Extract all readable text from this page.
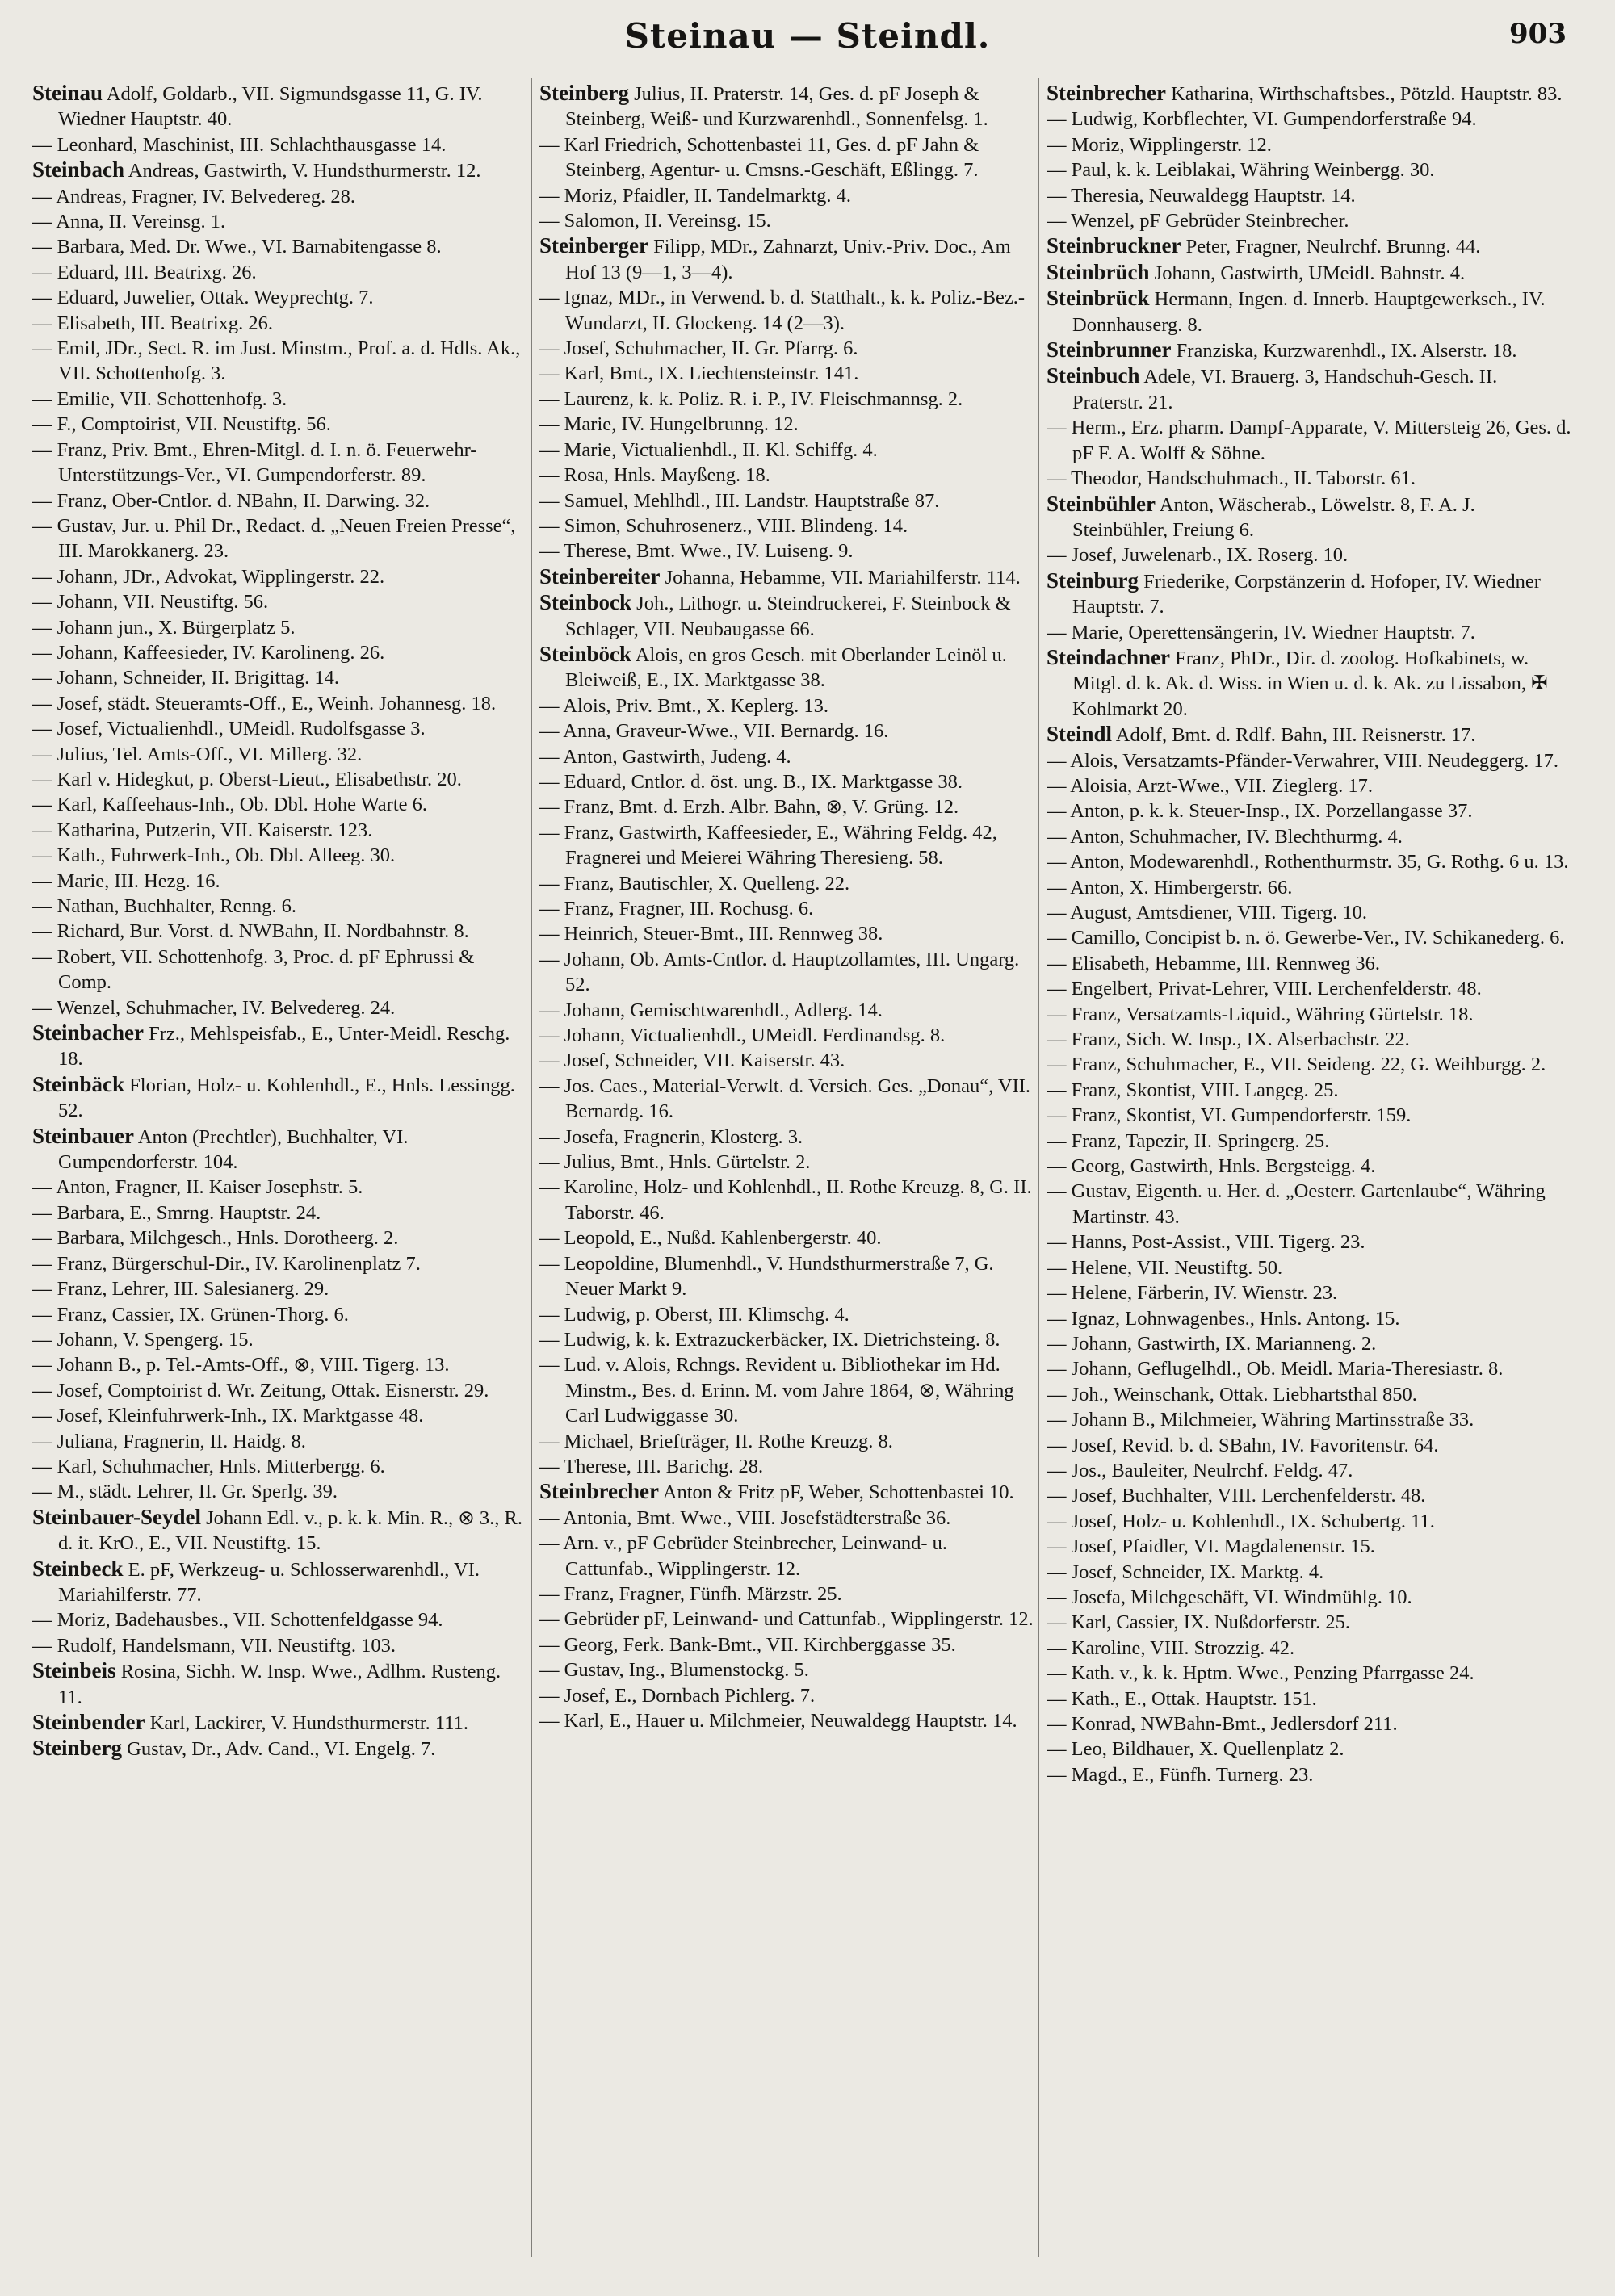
Steinau — Steindl.	903

Steinau Adolf, Goldarb., VII. Sigmundsgasse 11, G. IV. Wiedner Hauptstr. 40.

— Leonhard, Maschinist, III. Schlachthausgasse 14.

Steinbach Andreas, Gastwirth, V. Hundsthurmerstr. 12.

— Andreas, Fragner, IV. Belvedereg. 28.

— Anna, II. Vereinsg. 1.

— Barbara, Med. Dr. Wwe., VI. Barnabitengasse 8.

— Eduard, III. Beatrixg. 26.

— Eduard, Juwelier, Ottak. Weyprechtg. 7.

— Elisabeth, III. Beatrixg. 26.

— Emil, JDr., Sect. R. im Just. Minstm., Prof. a. d. Hdls. Ak., VII. Schottenhofg. 3.

— Emilie, VII. Schottenhofg. 3.

— F., Comptoirist, VII. Neustiftg. 56.

— Franz, Priv. Bmt., Ehren-Mitgl. d. I. n. ö. Feuerwehr-Unterstützungs-Ver., VI. Gumpendorferstr. 89.

— Franz, Ober-Cntlor. d. NBahn, II. Darwing. 32.

— Gustav, Jur. u. Phil Dr., Redact. d. „Neuen Freien Presse“, III. Marokkanerg. 23.

— Johann, JDr., Advokat, Wipplingerstr. 22.

— Johann, VII. Neustiftg. 56.

— Johann jun., X. Bürgerplatz 5.

— Johann, Kaffeesieder, IV. Karolineng. 26.

— Johann, Schneider, II. Brigittag. 14.

— Josef, städt. Steueramts-Off., E., Weinh. Johannesg. 18.

— Josef, Victualienhdl., UMeidl. Rudolfsgasse 3.

— Julius, Tel. Amts-Off., VI. Millerg. 32.

— Karl v. Hidegkut, p. Oberst-Lieut., Elisabethstr. 20.

— Karl, Kaffeehaus-Inh., Ob. Dbl. Hohe Warte 6.

— Katharina, Putzerin, VII. Kaiserstr. 123.

— Kath., Fuhrwerk-Inh., Ob. Dbl. Alleeg. 30.

— Marie, III. Hezg. 16.

— Nathan, Buchhalter, Renng. 6.

— Richard, Bur. Vorst. d. NWBahn, II. Nordbahnstr. 8.

— Robert, VII. Schottenhofg. 3, Proc. d. pF Ephrussi & Comp.

— Wenzel, Schuhmacher, IV. Belvedereg. 24.

Steinbacher Frz., Mehlspeisfab., E., Unter-Meidl. Reschg. 18.

Steinbäck Florian, Holz- u. Kohlenhdl., E., Hnls. Lessingg. 52.

Steinbauer Anton (Prechtler), Buchhalter, VI. Gumpendorferstr. 104.

— Anton, Fragner, II. Kaiser Josephstr. 5.

— Barbara, E., Smrng. Hauptstr. 24.

— Barbara, Milchgesch., Hnls. Dorotheerg. 2.

— Franz, Bürgerschul-Dir., IV. Karolinenplatz 7.

— Franz, Lehrer, III. Salesianerg. 29.

— Franz, Cassier, IX. Grünen-Thorg. 6.

— Johann, V. Spengerg. 15.

— Johann B., p. Tel.-Amts-Off., ⊗, VIII. Tigerg. 13.

— Josef, Comptoirist d. Wr. Zeitung, Ottak. Eisnerstr. 29.

— Josef, Kleinfuhrwerk-Inh., IX. Marktgasse 48.

— Juliana, Fragnerin, II. Haidg. 8.

— Karl, Schuhmacher, Hnls. Mitterbergg. 6.

— M., städt. Lehrer, II. Gr. Sperlg. 39.

Steinbauer-Seydel Johann Edl. v., p. k. k. Min. R., ⊗ 3., R. d. it. KrO., E., VII. Neustiftg. 15.

Steinbeck E. pF, Werkzeug- u. Schlosserwarenhdl., VI. Mariahilferstr. 77.

— Moriz, Badehausbes., VII. Schottenfeldgasse 94.

— Rudolf, Handelsmann, VII. Neustiftg. 103.

Steinbeis Rosina, Sichh. W. Insp. Wwe., Adlhm. Rusteng. 11.

Steinbender Karl, Lackirer, V. Hundsthurmerstr. 111.

Steinberg Gustav, Dr., Adv. Cand., VI. Engelg. 7.

Steinberg Julius, II. Praterstr. 14, Ges. d. pF Joseph & Steinberg, Weiß- und Kurzwarenhdl., Sonnenfelsg. 1.

— Karl Friedrich, Schottenbastei 11, Ges. d. pF Jahn & Steinberg, Agentur- u. Cmsns.-Geschäft, Eßlingg. 7.

— Moriz, Pfaidler, II. Tandelmarktg. 4.

— Salomon, II. Vereinsg. 15.

Steinberger Filipp, MDr., Zahnarzt, Univ.-Priv. Doc., Am Hof 13 (9—1, 3—4).

— Ignaz, MDr., in Verwend. b. d. Statthalt., k. k. Poliz.-Bez.-Wundarzt, II. Glockeng. 14 (2—3).

— Josef, Schuhmacher, II. Gr. Pfarrg. 6.

— Karl, Bmt., IX. Liechtensteinstr. 141.

— Laurenz, k. k. Poliz. R. i. P., IV. Fleischmannsg. 2.

— Marie, IV. Hungelbrunng. 12.

— Marie, Victualienhdl., II. Kl. Schiffg. 4.

— Rosa, Hnls. Mayßeng. 18.

— Samuel, Mehlhdl., III. Landstr. Hauptstraße 87.

— Simon, Schuhrosenerz., VIII. Blindeng. 14.

— Therese, Bmt. Wwe., IV. Luiseng. 9.

Steinbereiter Johanna, Hebamme, VII. Mariahilferstr. 114.

Steinbock Joh., Lithogr. u. Steindruckerei, F. Steinbock & Schlager, VII. Neubaugasse 66.

Steinböck Alois, en gros Gesch. mit Oberlander Leinöl u. Bleiweiß, E., IX. Marktgasse 38.

— Alois, Priv. Bmt., X. Keplerg. 13.

— Anna, Graveur-Wwe., VII. Bernardg. 16.

— Anton, Gastwirth, Judeng. 4.

— Eduard, Cntlor. d. öst. ung. B., IX. Marktgasse 38.

— Franz, Bmt. d. Erzh. Albr. Bahn, ⊗, V. Grüng. 12.

— Franz, Gastwirth, Kaffeesieder, E., Währing Feldg. 42, Fragnerei und Meierei Währing Theresieng. 58.

— Franz, Bautischler, X. Quelleng. 22.

— Franz, Fragner, III. Rochusg. 6.

— Heinrich, Steuer-Bmt., III. Rennweg 38.

— Johann, Ob. Amts-Cntlor. d. Hauptzollamtes, III. Ungarg. 52.

— Johann, Gemischtwarenhdl., Adlerg. 14.

— Johann, Victualienhdl., UMeidl. Ferdinandsg. 8.

— Josef, Schneider, VII. Kaiserstr. 43.

— Jos. Caes., Material-Verwlt. d. Versich. Ges. „Donau“, VII. Bernardg. 16.

— Josefa, Fragnerin, Klosterg. 3.

— Julius, Bmt., Hnls. Gürtelstr. 2.

— Karoline, Holz- und Kohlenhdl., II. Rothe Kreuzg. 8, G. II. Taborstr. 46.

— Leopold, E., Nußd. Kahlenbergerstr. 40.

— Leopoldine, Blumenhdl., V. Hundsthurmerstraße 7, G. Neuer Markt 9.

— Ludwig, p. Oberst, III. Klimschg. 4.

— Ludwig, k. k. Extrazuckerbäcker, IX. Dietrichsteing. 8.

— Lud. v. Alois, Rchngs. Revident u. Bibliothekar im Hd. Minstm., Bes. d. Erinn. M. vom Jahre 1864, ⊗, Währing Carl Ludwiggasse 30.

— Michael, Briefträger, II. Rothe Kreuzg. 8.

— Therese, III. Barichg. 28.

Steinbrecher Anton & Fritz pF, Weber, Schottenbastei 10.

— Antonia, Bmt. Wwe., VIII. Josefstädterstraße 36.

— Arn. v., pF Gebrüder Steinbrecher, Leinwand- u. Cattunfab., Wipplingerstr. 12.

— Franz, Fragner, Fünfh. Märzstr. 25.

— Gebrüder pF, Leinwand- und Cattunfab., Wipplingerstr. 12.

— Georg, Ferk. Bank-Bmt., VII. Kirchberggasse 35.

— Gustav, Ing., Blumenstockg. 5.

— Josef, E., Dornbach Pichlerg. 7.

— Karl, E., Hauer u. Milchmeier, Neuwaldegg Hauptstr. 14.

Steinbrecher Katharina, Wirthschaftsbes., Pötzld. Hauptstr. 83.

— Ludwig, Korbflechter, VI. Gumpendorferstraße 94.

— Moriz, Wipplingerstr. 12.

— Paul, k. k. Leiblakai, Währing Weinbergg. 30.

— Theresia, Neuwaldegg Hauptstr. 14.

— Wenzel, pF Gebrüder Steinbrecher.

Steinbruckner Peter, Fragner, Neulrchf. Brunng. 44.

Steinbrüch Johann, Gastwirth, UMeidl. Bahnstr. 4.

Steinbrück Hermann, Ingen. d. Innerb. Hauptgewerksch., IV. Donnhauserg. 8.

Steinbrunner Franziska, Kurzwarenhdl., IX. Alserstr. 18.

Steinbuch Adele, VI. Brauerg. 3, Handschuh-Gesch. II. Praterstr. 21.

— Herm., Erz. pharm. Dampf-Apparate, V. Mittersteig 26, Ges. d. pF F. A. Wolff & Söhne.

— Theodor, Handschuhmach., II. Taborstr. 61.

Steinbühler Anton, Wäscherab., Löwelstr. 8, F. A. J. Steinbühler, Freiung 6.

— Josef, Juwelenarb., IX. Roserg. 10.

Steinburg Friederike, Corpstänzerin d. Hofoper, IV. Wiedner Hauptstr. 7.

— Marie, Operettensängerin, IV. Wiedner Hauptstr. 7.

Steindachner Franz, PhDr., Dir. d. zoolog. Hofkabinets, w. Mitgl. d. k. Ak. d. Wiss. in Wien u. d. k. Ak. zu Lissabon, ✠ Kohlmarkt 20.

Steindl Adolf, Bmt. d. Rdlf. Bahn, III. Reisnerstr. 17.

— Alois, Versatzamts-Pfänder-Verwahrer, VIII. Neudeggerg. 17.

— Aloisia, Arzt-Wwe., VII. Zieglerg. 17.

— Anton, p. k. k. Steuer-Insp., IX. Porzellangasse 37.

— Anton, Schuhmacher, IV. Blechthurmg. 4.

— Anton, Modewarenhdl., Rothenthurmstr. 35, G. Rothg. 6 u. 13.

— Anton, X. Himbergerstr. 66.

— August, Amtsdiener, VIII. Tigerg. 10.

— Camillo, Concipist b. n. ö. Gewerbe-Ver., IV. Schikanederg. 6.

— Elisabeth, Hebamme, III. Rennweg 36.

— Engelbert, Privat-Lehrer, VIII. Lerchenfelderstr. 48.

— Franz, Versatzamts-Liquid., Währing Gürtelstr. 18.

— Franz, Sich. W. Insp., IX. Alserbachstr. 22.

— Franz, Schuhmacher, E., VII. Seideng. 22, G. Weihburgg. 2.

— Franz, Skontist, VIII. Langeg. 25.

— Franz, Skontist, VI. Gumpendorferstr. 159.

— Franz, Tapezir, II. Springerg. 25.

— Georg, Gastwirth, Hnls. Bergsteigg. 4.

— Gustav, Eigenth. u. Her. d. „Oesterr. Gartenlaube“, Währing Martinstr. 43.

— Hanns, Post-Assist., VIII. Tigerg. 23.

— Helene, VII. Neustiftg. 50.

— Helene, Färberin, IV. Wienstr. 23.

— Ignaz, Lohnwagenbes., Hnls. Antong. 15.

— Johann, Gastwirth, IX. Marianneng. 2.

— Johann, Geflugelhdl., Ob. Meidl. Maria-Theresiastr. 8.

— Joh., Weinschank, Ottak. Liebhartsthal 850.

— Johann B., Milchmeier, Währing Martinsstraße 33.

— Josef, Revid. b. d. SBahn, IV. Favoritenstr. 64.

— Jos., Bauleiter, Neulrchf. Feldg. 47.

— Josef, Buchhalter, VIII. Lerchenfelderstr. 48.

— Josef, Holz- u. Kohlenhdl., IX. Schubertg. 11.

— Josef, Pfaidler, VI. Magdalenenstr. 15.

— Josef, Schneider, IX. Marktg. 4.

— Josefa, Milchgeschäft, VI. Windmühlg. 10.

— Karl, Cassier, IX. Nußdorferstr. 25.

— Karoline, VIII. Strozzig. 42.

— Kath. v., k. k. Hptm. Wwe., Penzing Pfarrgasse 24.

— Kath., E., Ottak. Hauptstr. 151.

— Konrad, NWBahn-Bmt., Jedlersdorf 211.

— Leo, Bildhauer, X. Quellenplatz 2.

— Magd., E., Fünfh. Turnerg. 23.
